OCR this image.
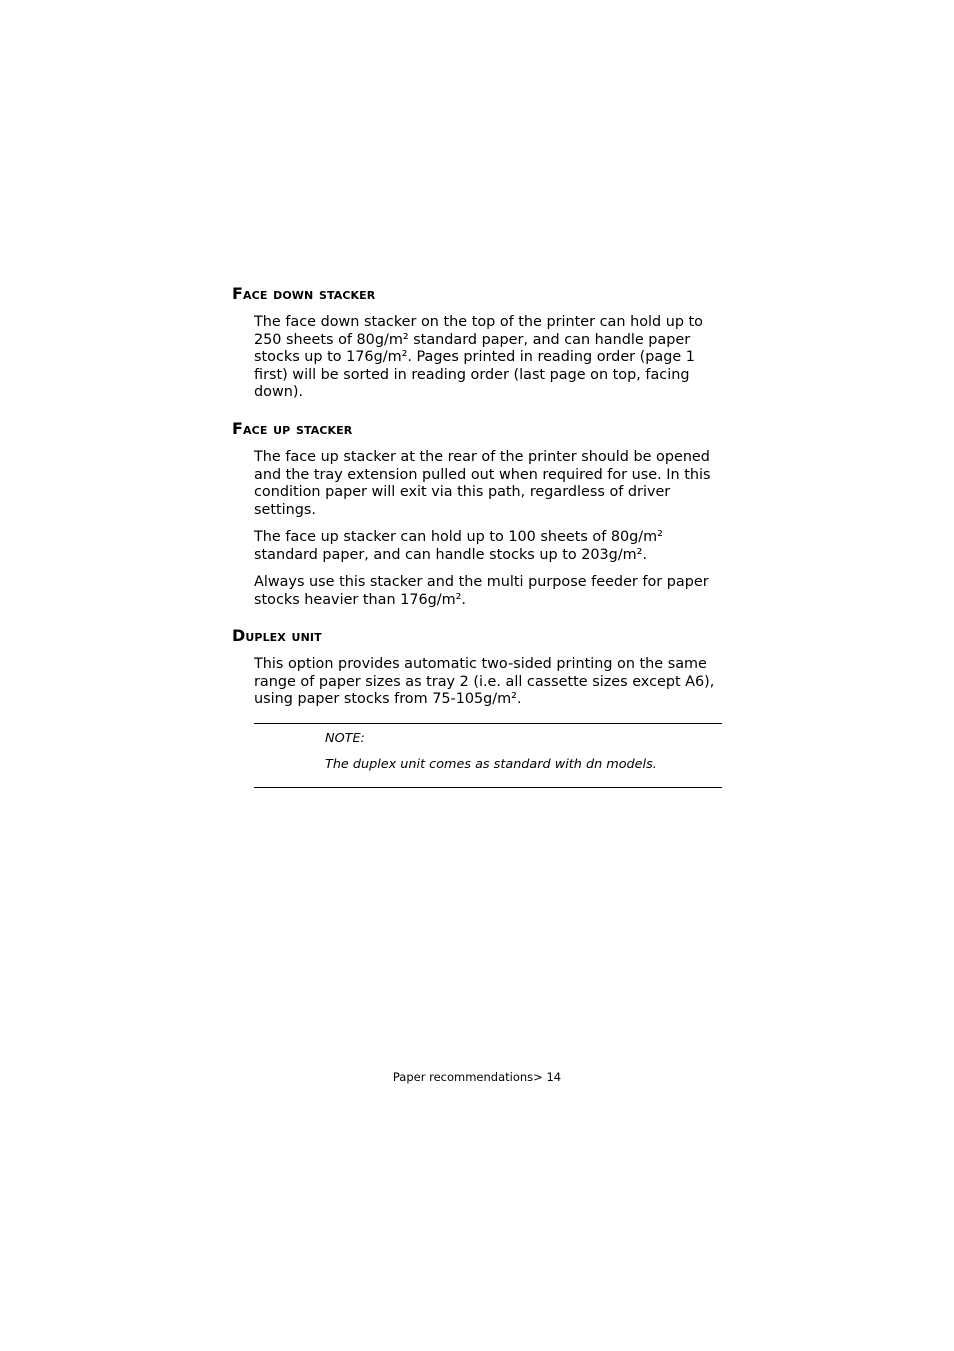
Face down stacker

The face down stacker on the top of the printer can hold up to 250 sheets of 80g/m² standard paper, and can handle paper stocks up to 176g/m². Pages printed in reading order (page 1 first) will be sorted in reading order (last page on top, facing down).

Face up stacker

The face up stacker at the rear of the printer should be opened and the tray extension pulled out when required for use. In this condition paper will exit via this path, regardless of driver settings.

The face up stacker can hold up to 100 sheets of 80g/m² standard paper, and can handle stocks up to 203g/m².

Always use this stacker and the multi purpose feeder for paper stocks heavier than 176g/m².

Duplex unit

This option provides automatic two-sided printing on the same range of paper sizes as tray 2 (i.e. all cassette sizes except A6), using paper stocks from 75-105g/m².

NOTE:

The duplex unit comes as standard with dn models.

Paper recommendations> 14
